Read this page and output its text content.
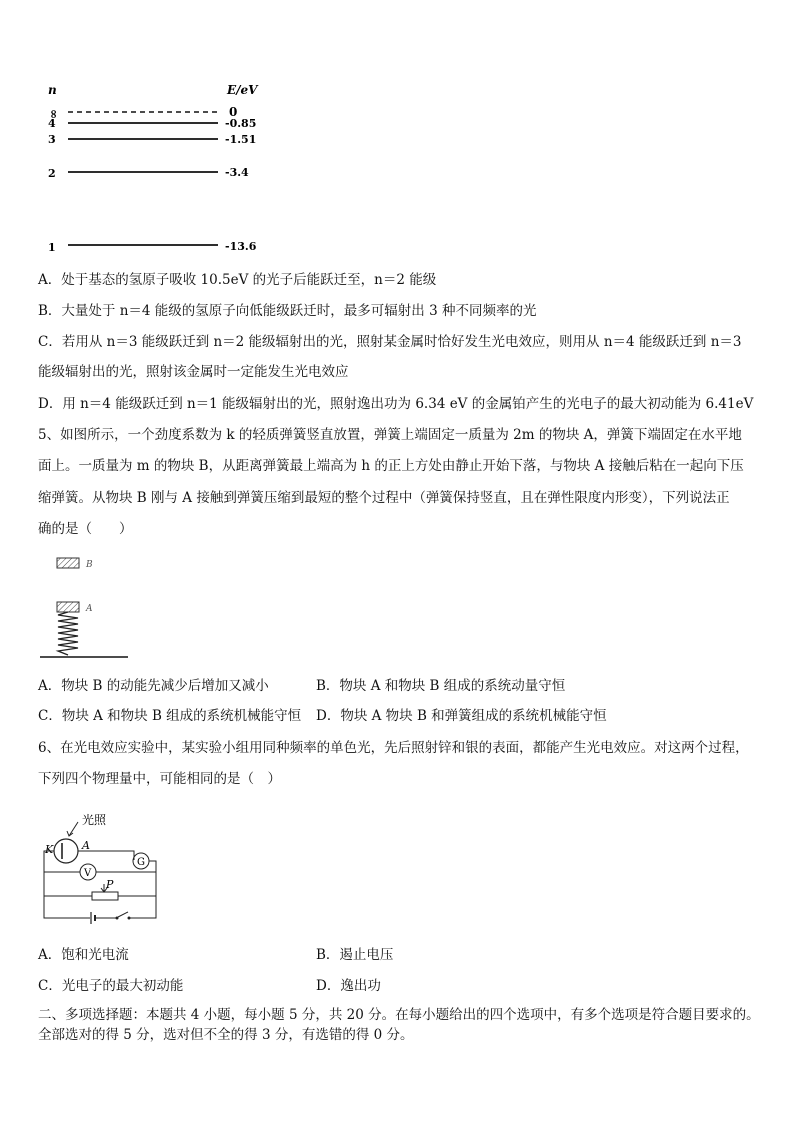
n	E/eV
∞	0
4	-0.85
3	-1.51
2	-3.4
1	-13.6
A．处于基态的氢原子吸收 10.5eV 的光子后能跃迁至，n＝2 能级
B．大量处于 n＝4 能级的氢原子向低能级跃迁时，最多可辐射出 3 种不同频率的光
C．若用从 n＝3 能级跃迁到 n＝2 能级辐射出的光，照射某金属时恰好发生光电效应，则用从 n＝4 能级跃迁到 n＝3
能级辐射出的光，照射该金属时一定能发生光电效应
D．用 n＝4 能级跃迁到 n＝1 能级辐射出的光，照射逸出功为 6.34 eV 的金属铂产生的光电子的最大初动能为 6.41eV
5、如图所示，一个劲度系数为 k 的轻质弹簧竖直放置，弹簧上端固定一质量为 2m 的物块 A，弹簧下端固定在水平地
面上。一质量为 m 的物块 B，从距离弹簧最上端高为 h 的正上方处由静止开始下落，与物块 A 接触后粘在一起向下压
缩弹簧。从物块 B 刚与 A 接触到弹簧压缩到最短的整个过程中（弹簧保持竖直，且在弹性限度内形变），下列说法正
确的是（　　）
B
A
A．物块 B 的动能先减少后增加又减小	B．物块 A 和物块 B 组成的系统动量守恒
C．物块 A 和物块 B 组成的系统机械能守恒 D．物块 A 物块 B 和弹簧组成的系统机械能守恒
6、在光电效应实验中，某实验小组用同种频率的单色光，先后照射锌和银的表面，都能产生光电效应。对这两个过程，
下列四个物理量中，可能相同的是（　）
光照
K	A
G
V
P
A．饱和光电流	B．遏止电压
C．光电子的最大初动能	D．逸出功
二、多项选择题：本题共 4 小题，每小题 5 分，共 20 分。在每小题给出的四个选项中，有多个选项是符合题目要求的。
全部选对的得 5 分，选对但不全的得 3 分，有选错的得 0 分。
